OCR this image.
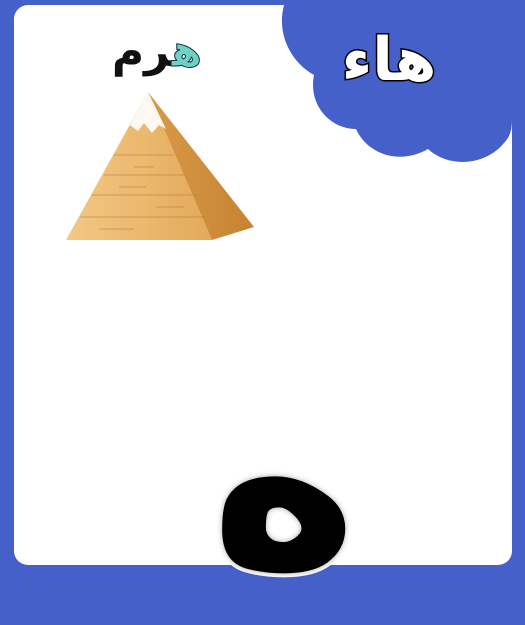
هاء
هرم
ه
